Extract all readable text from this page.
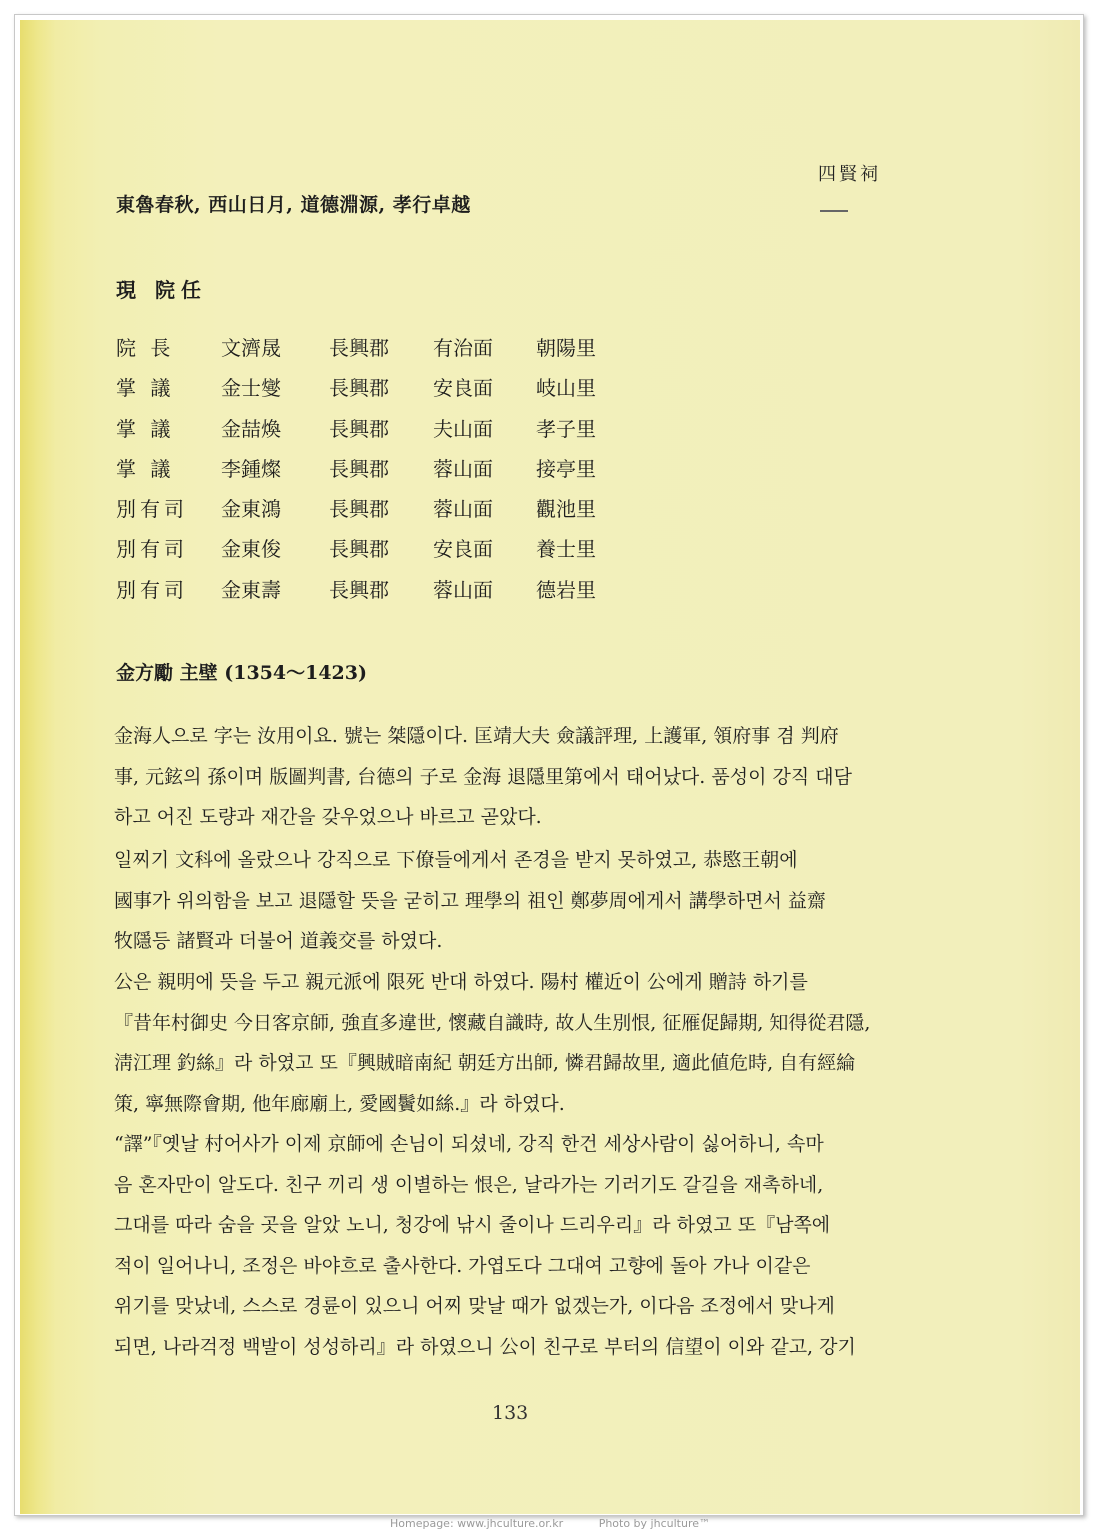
四賢祠
東魯春秋, 西山日月, 道德淵源, 孝行卓越
現 院任
院 長 文濟晟 長興郡 有治面 朝陽里
掌 議 金士燮 長興郡 安良面 岐山里
掌 議 金喆煥 長興郡 夫山面 孝子里
掌 議 李鍾燦 長興郡 蓉山面 接亭里
別有司 金東鴻 長興郡 蓉山面 觀池里
別有司 金東俊 長興郡 安良面 養士里
別有司 金東壽 長興郡 蓉山面 德岩里
金方勵 主壁 (1354～1423)
金海人으로 字는 汝用이요. 號는 桀隱이다. 匡靖大夫 僉議評理, 上護軍, 領府事 겸 判府
事, 元鉉의 孫이며 版圖判書, 台德의 子로 金海 退隱里第에서 태어났다. 품성이 강직 대담
하고 어진 도량과 재간을 갖우었으나 바르고 곧았다.
일찌기 文科에 올랐으나 강직으로 下僚들에게서 존경을 받지 못하였고, 恭愍王朝에
國事가 위의함을 보고 退隱할 뜻을 굳히고 理學의 祖인 鄭夢周에게서 講學하면서 益齋
牧隱등 諸賢과 더불어 道義交를 하였다.
公은 親明에 뜻을 두고 親元派에 限死 반대 하였다. 陽村 權近이 公에게 贈詩 하기를
『昔年村御史 今日客京師, 強直多違世, 懷藏自識時, 故人生別恨, 征雁促歸期, 知得從君隱,
淸江理 釣絲』라 하였고 또『興賊暗南紀 朝廷方出師, 憐君歸故里, 適此値危時, 自有經綸
策, 寧無際會期, 他年廊廟上, 愛國鬢如絲.』라 하였다.
“譯”『옛날 村어사가 이제 京師에 손님이 되셨네, 강직 한건 세상사람이 싫어하니, 속마
음 혼자만이 알도다. 친구 끼리 생 이별하는 恨은, 날라가는 기러기도 갈길을 재촉하네,
그대를 따라 숨을 곳을 알았 노니, 청강에 낚시 줄이나 드리우리』라 하였고 또『남쪽에
적이 일어나니, 조정은 바야흐로 출사한다. 가엽도다 그대여 고향에 돌아 가나 이같은
위기를 맞났네, 스스로 경륜이 있으니 어찌 맞날 때가 없겠는가, 이다음 조정에서 맞나게
되면, 나라걱정 백발이 성성하리』라 하였으니 公이 친구로 부터의 信望이 이와 같고, 강기
133
Homepage: www.jhculture.or.kr	Photo by jhculture™
